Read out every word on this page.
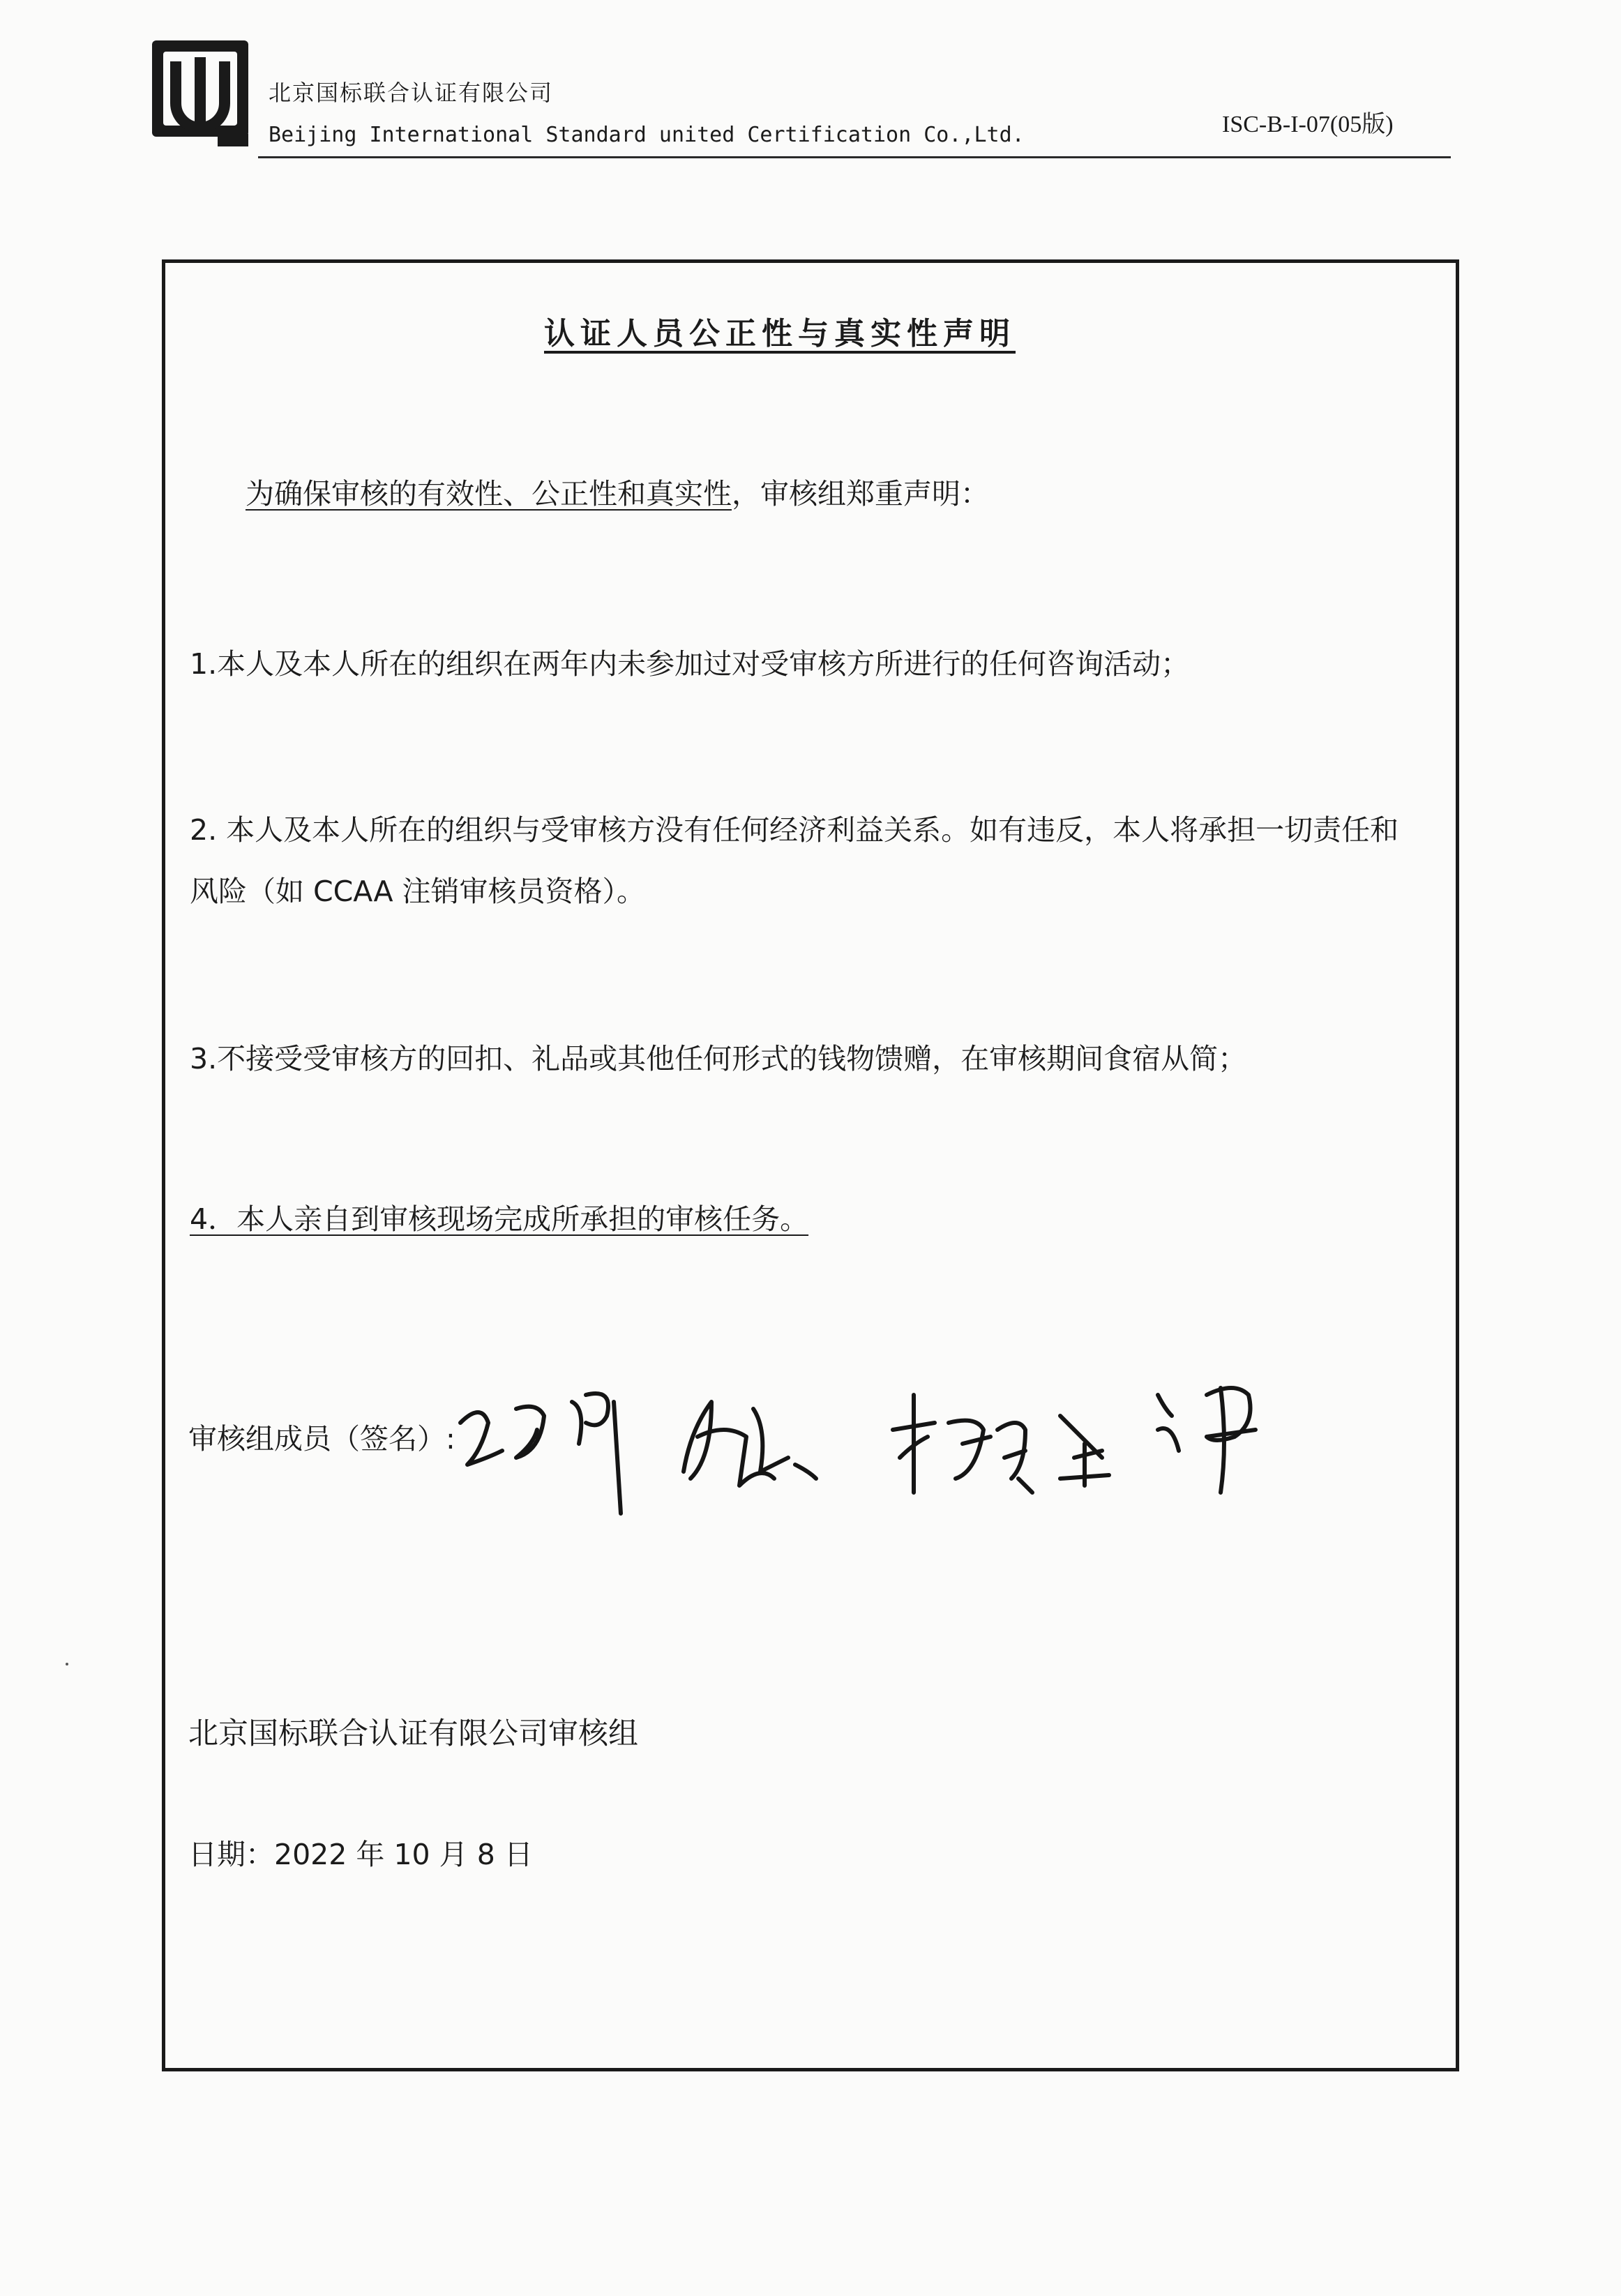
北京国标联合认证有限公司
Beijing International Standard united Certification Co.,Ltd.	ISC-B-I-07(05版)
认证人员公正性与真实性声明
为确保审核的有效性、公正性和真实性，审核组郑重声明：
1.本人及本人所在的组织在两年内未参加过对受审核方所进行的任何咨询活动；
2. 本人及本人所在的组织与受审核方没有任何经济利益关系。如有违反，本人将承担一切责任和
风险（如 CCAA 注销审核员资格）。
3.不接受受审核方的回扣、礼品或其他任何形式的钱物馈赠，在审核期间食宿从简；
4．本人亲自到审核现场完成所承担的审核任务。
审核组成员（签名）:
北京国标联合认证有限公司审核组
日期：2022 年 10 月 8 日
